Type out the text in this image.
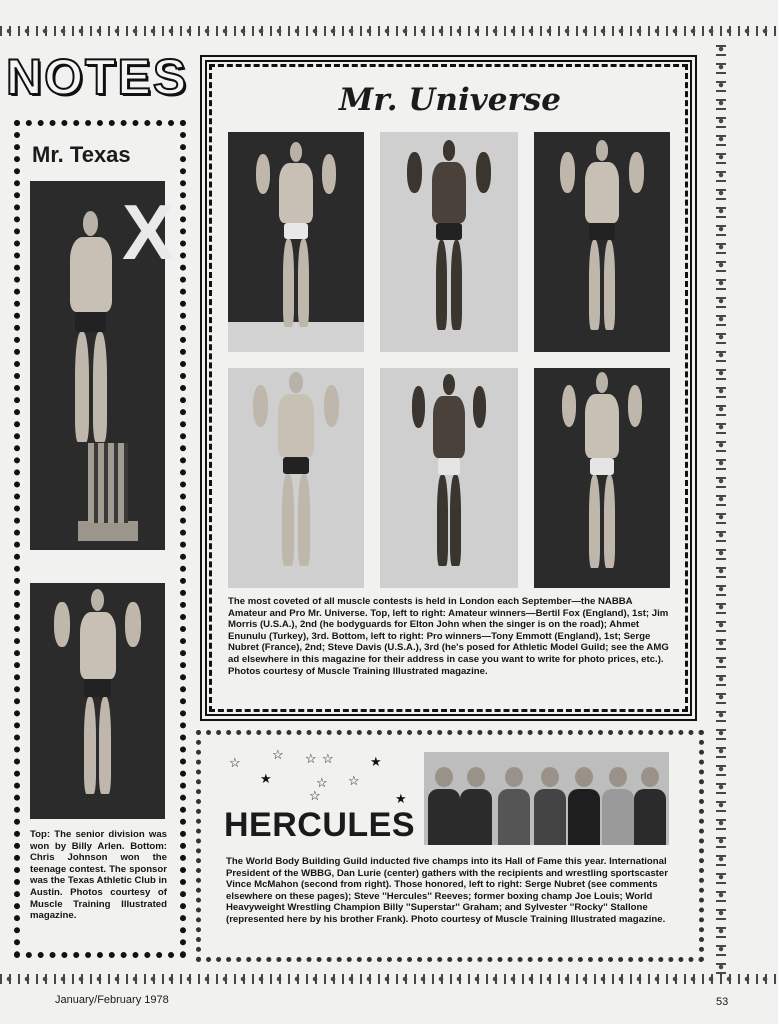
NOTES
Mr. Texas
X
Top: The senior division was won by Billy Arlen. Bottom: Chris Johnson won the teenage contest. The sponsor was the Texas Athletic Club in Austin. Photos courtesy of Muscle Training Illustrated magazine.
Mr. Universe
The most coveted of all muscle contests is held in London each September—the NABBA Amateur and Pro Mr. Universe. Top, left to right: Amateur winners—Bertil Fox (England), 1st; Jim Morris (U.S.A.), 2nd (he bodyguards for Elton John when the singer is on the road); Ahmet Enunulu (Turkey), 3rd. Bottom, left to right: Pro winners—Tony Emmott (England), 1st; Serge Nubret (France), 2nd; Steve Davis (U.S.A.), 3rd (he's posed for Athletic Model Guild; see the AMG ad elsewhere in this magazine for their address in case you want to write for photo prices, etc.). Photos courtesy of Muscle Training Illustrated magazine.
☆
☆ ☆ ☆	★
★	☆ ☆
☆	★
HERCULES
The World Body Building Guild inducted five champs into its Hall of Fame this year. International President of the WBBG, Dan Lurie (center) gathers with the recipients and wrestling sportscaster Vince McMahon (second from right). Those honored, left to right: Serge Nubret (see comments elsewhere on these pages); Steve ''Hercules'' Reeves; former boxing champ Joe Louis; World Heavyweight Wrestling Champion Billy ''Superstar'' Graham; and Sylvester ''Rocky'' Stallone (represented here by his brother Frank). Photo courtesy of Muscle Training Illustrated magazine.
January/February 1978	53
